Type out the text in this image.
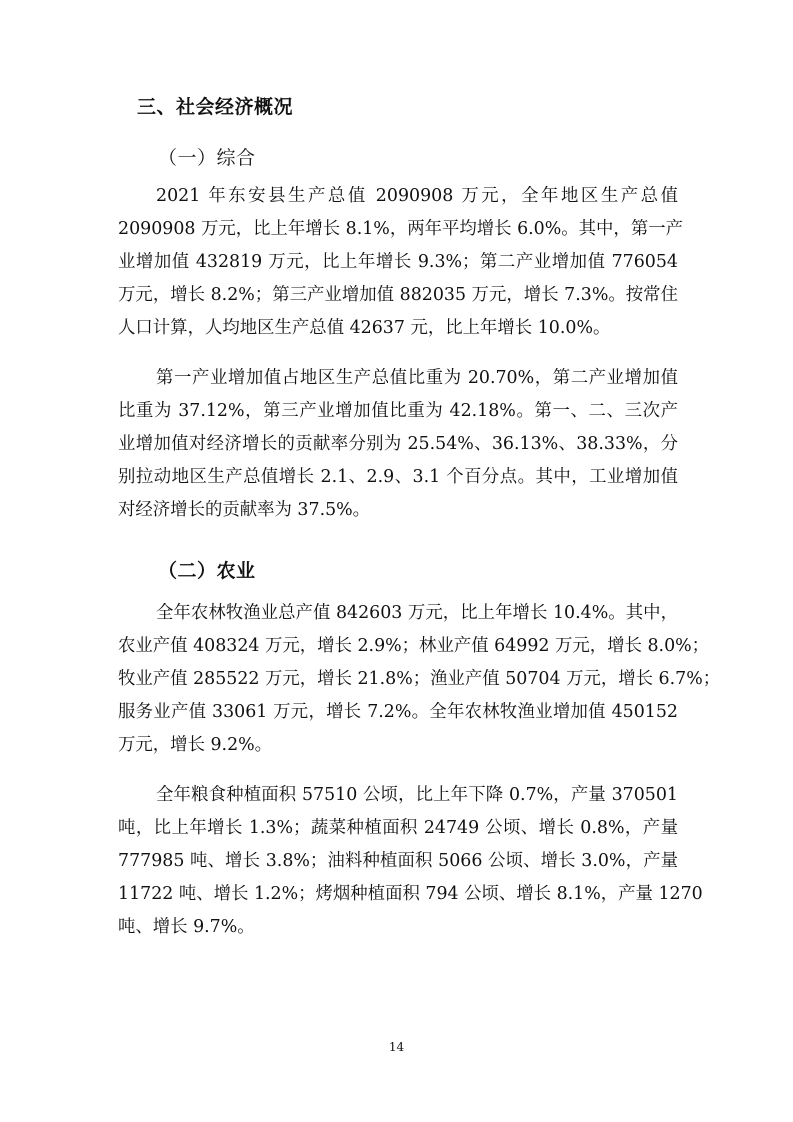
三、社会经济概况
（一）综合
2021 年东安县生产总值 2090908 万元，全年地区生产总值
2090908 万元，比上年增长 8.1%，两年平均增长 6.0%。其中，第一产
业增加值 432819 万元，比上年增长 9.3%；第二产业增加值 776054
万元，增长 8.2%；第三产业增加值 882035 万元，增长 7.3%。按常住
人口计算，人均地区生产总值 42637 元，比上年增长 10.0%。
第一产业增加值占地区生产总值比重为 20.70%，第二产业增加值
比重为 37.12%，第三产业增加值比重为 42.18%。第一、二、三次产
业增加值对经济增长的贡献率分别为 25.54%、36.13%、38.33%，分
别拉动地区生产总值增长 2.1、2.9、3.1 个百分点。其中，工业增加值
对经济增长的贡献率为 37.5%。
（二）农业
全年农林牧渔业总产值 842603 万元，比上年增长 10.4%。其中，
农业产值 408324 万元，增长 2.9%；林业产值 64992 万元，增长 8.0%；
牧业产值 285522 万元，增长 21.8%；渔业产值 50704 万元，增长 6.7%；
服务业产值 33061 万元，增长 7.2%。全年农林牧渔业增加值 450152
万元，增长 9.2%。
全年粮食种植面积 57510 公顷，比上年下降 0.7%，产量 370501
吨，比上年增长 1.3%；蔬菜种植面积 24749 公顷、增长 0.8%，产量
777985 吨、增长 3.8%；油料种植面积 5066 公顷、增长 3.0%，产量
11722 吨、增长 1.2%；烤烟种植面积 794 公顷、增长 8.1%，产量 1270
吨、增长 9.7%。
14
